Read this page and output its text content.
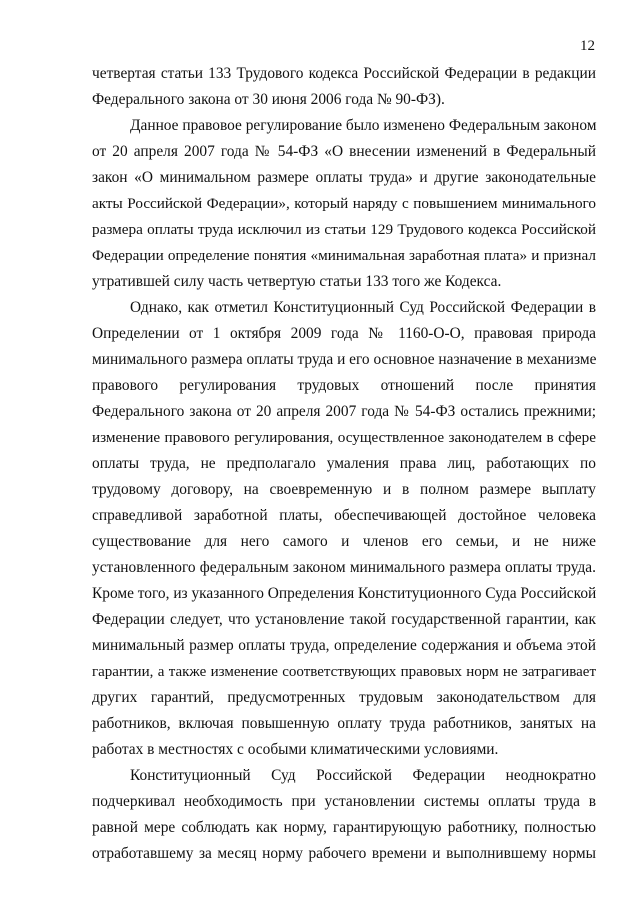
12
четвертая статьи 133 Трудового кодекса Российской Федерации в редакции
Федерального закона от 30 июня 2006 года № 90-ФЗ).
Данное правовое регулирование было изменено Федеральным законом
от 20 апреля 2007 года № 54-ФЗ «О внесении изменений в Федеральный
закон «О минимальном размере оплаты труда» и другие законодательные
акты Российской Федерации», который наряду с повышением минимального
размера оплаты труда исключил из статьи 129 Трудового кодекса Российской
Федерации определение понятия «минимальная заработная плата» и признал
утратившей силу часть четвертую статьи 133 того же Кодекса.
Однако, как отметил Конституционный Суд Российской Федерации в
Определении от 1 октября 2009 года № 1160-О-О, правовая природа
минимального размера оплаты труда и его основное назначение в механизме
правового регулирования трудовых отношений после принятия
Федерального закона от 20 апреля 2007 года № 54-ФЗ остались прежними;
изменение правового регулирования, осуществленное законодателем в сфере
оплаты труда, не предполагало умаления права лиц, работающих по
трудовому договору, на своевременную и в полном размере выплату
справедливой заработной платы, обеспечивающей достойное человека
существование для него самого и членов его семьи, и не ниже
установленного федеральным законом минимального размера оплаты труда.
Кроме того, из указанного Определения Конституционного Суда Российской
Федерации следует, что установление такой государственной гарантии, как
минимальный размер оплаты труда, определение содержания и объема этой
гарантии, а также изменение соответствующих правовых норм не затрагивает
других гарантий, предусмотренных трудовым законодательством для
работников, включая повышенную оплату труда работников, занятых на
работах в местностях с особыми климатическими условиями.
Конституционный Суд Российской Федерации неоднократно
подчеркивал необходимость при установлении системы оплаты труда в
равной мере соблюдать как норму, гарантирующую работнику, полностью
отработавшему за месяц норму рабочего времени и выполнившему нормы
